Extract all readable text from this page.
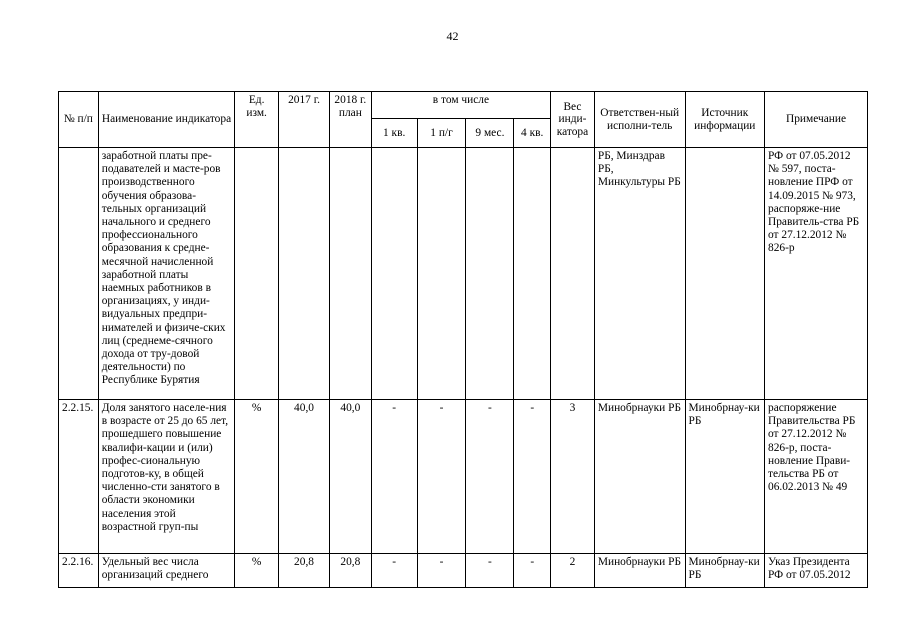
42
№ п/п	Наименование индикатора	Ед. изм.	2017 г.	2018 г. план	в том числе				Вес инди-катора	Ответствен-ный исполни-тель	Источник информации	Примечание
					1 кв.	1 п/г	9 мес.	4 кв.				
	заработной платы пре-подавателей и масте-ров производственного обучения образова-тельных организаций начального и среднего профессионального образования к средне-месячной начисленной заработной платы наемных работников в организациях, у инди-видуальных предпри-нимателей и физиче-ских лиц (среднеме-сячного дохода от тру-довой деятельности) по Республике Бурятия									РБ, Минздрав РБ, Минкультуры РБ		РФ от 07.05.2012 № 597, поста-новление ПРФ от 14.09.2015 № 973, распоряже-ние Правитель-ства РБ от 27.12.2012 № 826-р
2.2.15.	Доля занятого населе-ния в возрасте от 25 до 65 лет, прошедшего повышение квалифи-кации и (или) профес-сиональную подготов-ку, в общей численно-сти занятого в области экономики населения этой возрастной груп-пы	%	40,0	40,0	-	-	-	-	3	Минобрнауки РБ	Минобрнау-ки РБ	распоряжение Правительства РБ от 27.12.2012 № 826-р, поста-новление Прави-тельства РБ от 06.02.2013 № 49
2.2.16.	Удельный вес числа организаций среднего	%	20,8	20,8	-	-	-	-	2	Минобрнауки РБ	Минобрнау-ки РБ	Указ Президента РФ от 07.05.2012
